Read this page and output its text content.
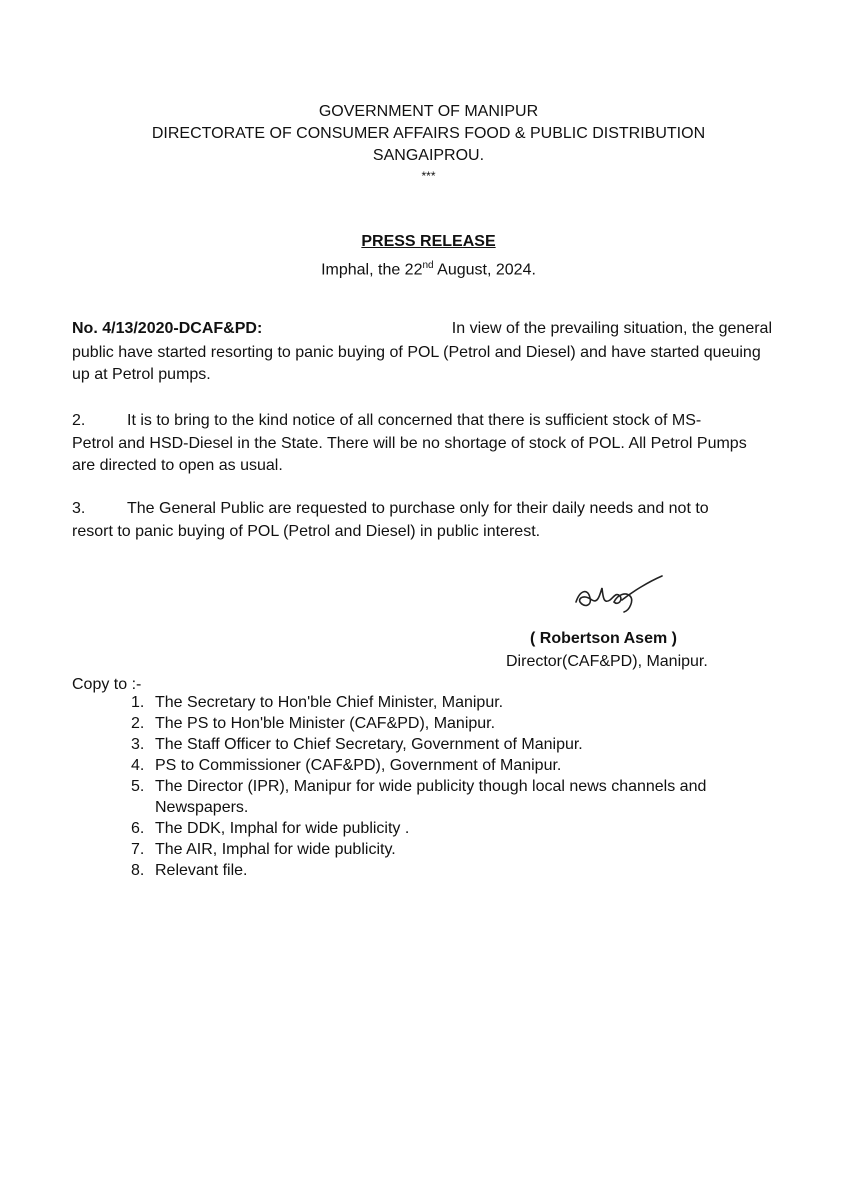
GOVERNMENT OF MANIPUR
DIRECTORATE OF CONSUMER AFFAIRS FOOD & PUBLIC DISTRIBUTION
SANGAIPROU.
***
PRESS RELEASE
Imphal, the 22nd August, 2024.
No. 4/13/2020-DCAF&PD:	In view of the prevailing situation, the general
public have started resorting to panic buying of POL (Petrol and Diesel) and have started queuing up at Petrol pumps.
2.	It is to bring to the kind notice of all concerned that there is sufficient stock of MS-
Petrol and HSD-Diesel in the State. There will be no shortage of stock of POL. All Petrol Pumps are directed to open as usual.
3.	The General Public are requested to purchase only for their daily needs and not to
resort to panic buying of POL (Petrol and Diesel) in public interest.
( Robertson Asem )
Director(CAF&PD), Manipur.
Copy to :-
1. The Secretary to Hon'ble Chief Minister, Manipur.
2. The PS to Hon'ble Minister (CAF&PD), Manipur.
3. The Staff Officer to Chief Secretary, Government of Manipur.
4. PS to Commissioner (CAF&PD), Government of Manipur.
5. The Director (IPR), Manipur for wide publicity though local news channels and Newspapers.
6. The DDK, Imphal for wide publicity .
7. The AIR, Imphal for wide publicity.
8. Relevant file.
